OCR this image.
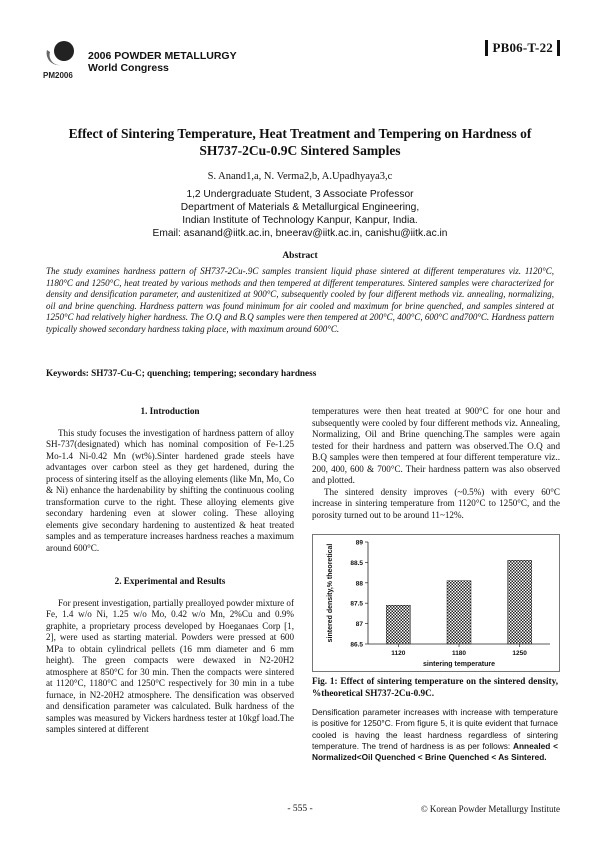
PM2006
2006 POWDER METALLURGY
World Congress
PB06-T-22
Effect of Sintering Temperature, Heat Treatment and Tempering on Hardness of
SH737-2Cu-0.9C Sintered Samples
S. Anand1,a, N. Verma2,b, A.Upadhyaya3,c
1,2 Undergraduate Student, 3 Associate Professor
Department of Materials & Metallurgical Engineering,
Indian Institute of Technology Kanpur, Kanpur, India.
Email: asanand@iitk.ac.in, bneerav@iitk.ac.in, canishu@iitk.ac.in
Abstract
The study examines hardness pattern of SH737-2Cu-.9C samples transient liquid phase sintered at different temperatures viz. 1120°C, 1180°C and 1250°C, heat treated by various methods and then tempered at different temperatures. Sintered samples were characterized for density and densification parameter, and austenitized at 900°C, subsequently cooled by four different methods viz. annealing, normalizing, oil and brine quenching. Hardness pattern was found minimum for air cooled and maximum for brine quenched, and samples sintered at 1250°C had relatively higher hardness. The O.Q and B.Q samples were then tempered at 200°C, 400°C, 600°C and700°C. Hardness pattern typically showed secondary hardness taking place, with maximum around 600°C.
Keywords: SH737-Cu-C; quenching; tempering; secondary hardness

1. Introduction

This study focuses the investigation of hardness pattern of alloy SH-737(designated) which has nominal composition of Fe-1.25 Mo-1.4 Ni-0.42 Mn (wt%).Sinter hardened grade steels have advantages over carbon steel as they get hardened, during the process of sintering itself as the alloying elements (like Mn, Mo, Co & Ni) enhance the hardenability by shifting the continuous cooling transformation curve to the right. These alloying elements give secondary hardening even at slower coling. These alloying elements give secondary hardening to austentized & heat treated samples and as temperature increases hardness reaches a maximum around 600°C.

2. Experimental and Results

For present investigation, partially prealloyed powder mixture of Fe, 1.4 w/o Ni, 1.25 w/o Mo, 0.42 w/o Mn, 2%Cu and 0.9% graphite, a proprietary process developed by Hoeganaes Corp [1, 2], were used as starting material. Powders were pressed at 600 MPa to obtain cylindrical pellets (16 mm diameter and 6 mm height). The green compacts were dewaxed in N2-20H2 atmosphere at 850°C for 30 min. Then the compacts were sintered at 1120°C, 1180°C and 1250°C respectively for 30 min in a tube furnace, in N2-20H2 atmosphere. The densification was observed and densification parameter was calculated. Bulk hardness of the samples was measured by Vickers hardness tester at 10kgf load.The samples sintered at different

temperatures were then heat treated at 900°C for one hour and subsequently were cooled by four different methods viz. Annealing, Normalizing, Oil and Brine quenching.The samples were again tested for their hardness and pattern was observed.The O.Q and B.Q samples were then tempered at four different temperature viz.. 200, 400, 600 & 700°C. Their hardness pattern was also observed and plotted.

The sintered density improves (~0.5%) with every 60°C increase in sintering temperature from 1120°C to 1250°C, and the porosity turned out to be around 11~12%.

86.5
87
87.5
88
88.5
89
1120	1180	1250
sintering temperature
sintered density,% theoretical
Fig. 1: Effect of sintering temperature on the sintered density, %theoretical SH737-2Cu-0.9C.
Densification parameter increases with increase with temperature is positive for 1250°C. From figure 5, it is quite evident that furnace cooled is having the least hardness regardless of sintering temperature. The trend of hardness is as per follows: Annealed < Normalized<Oil Quenched < Brine Quenched < As Sintered.
- 555 -	© Korean Powder Metallurgy Institute
